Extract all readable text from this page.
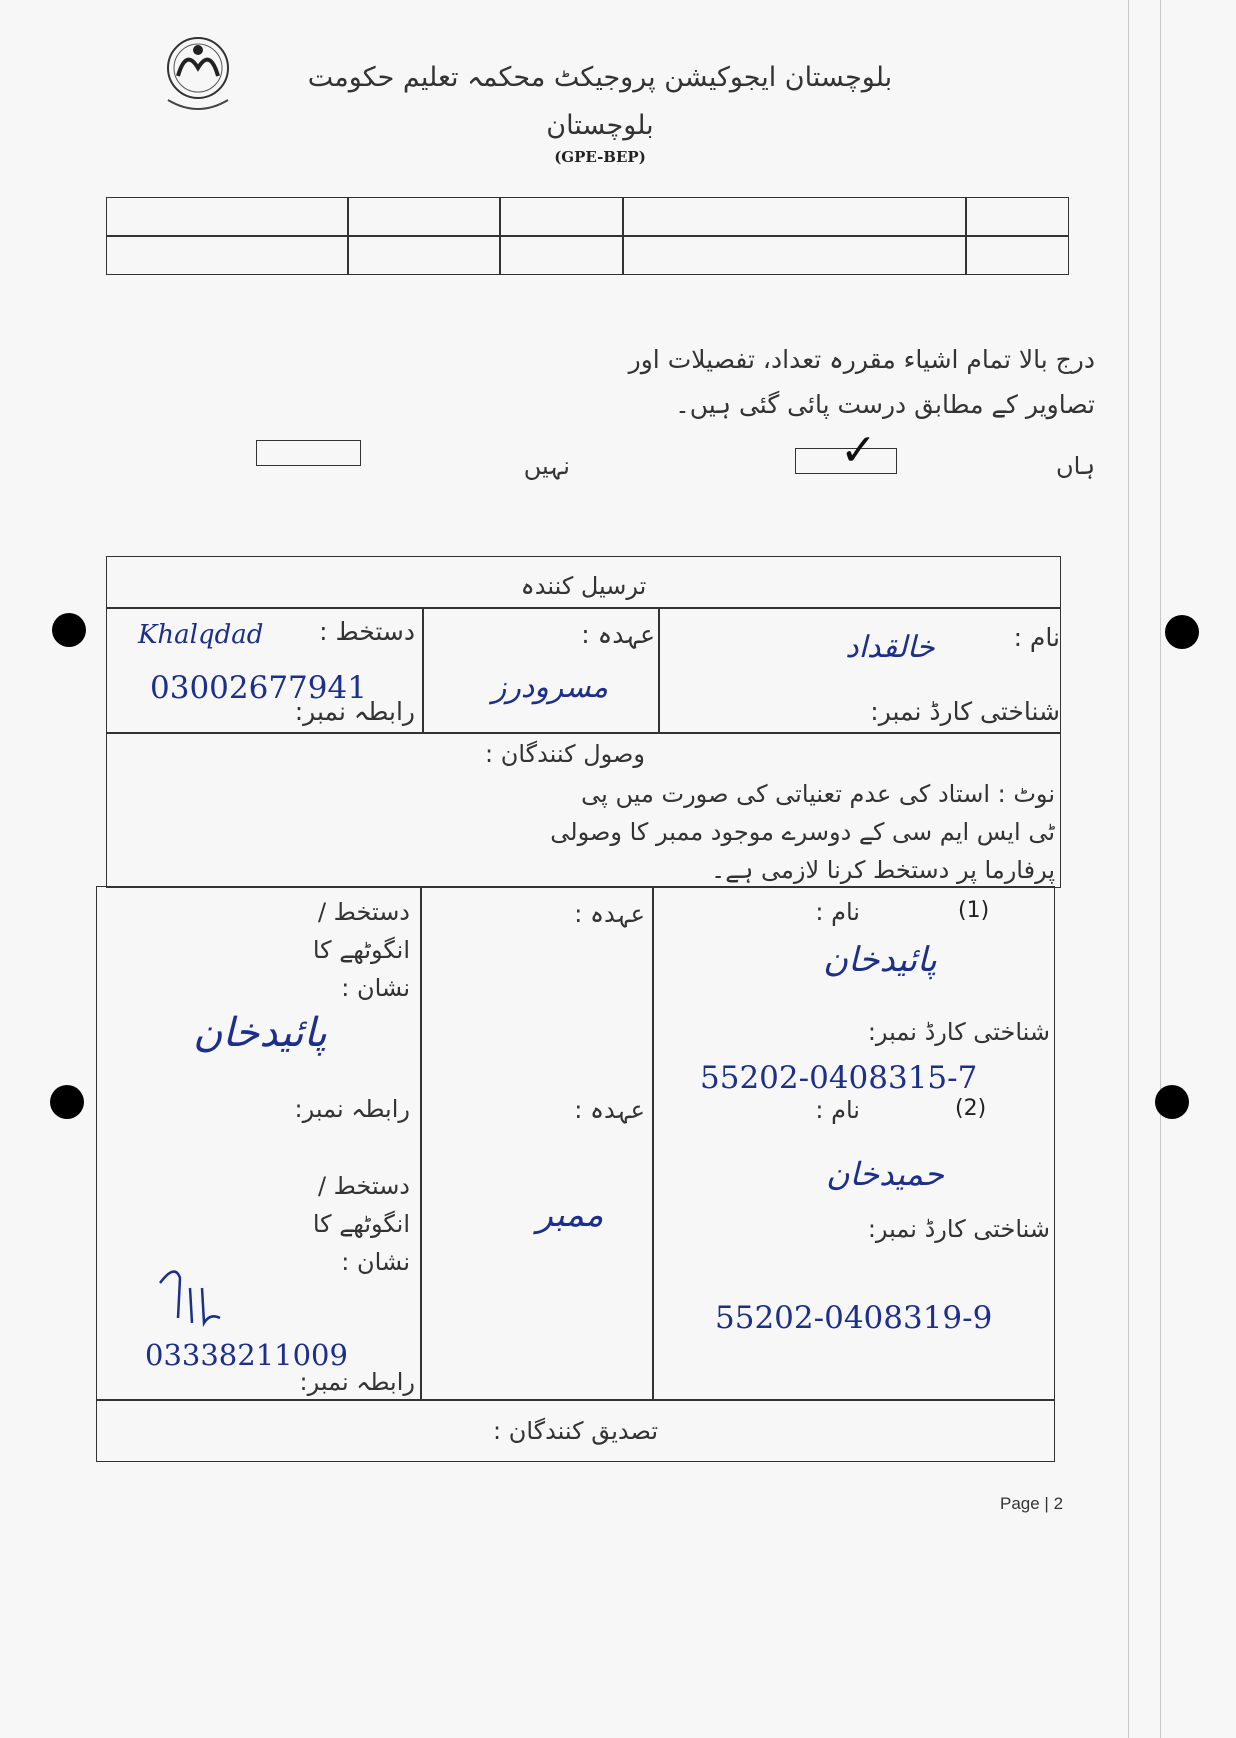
بلوچستان ایجوکیشن پروجیکٹ محکمہ تعلیم حکومت
بلوچستان
(GPE-BEP)
درج بالا تمام اشیاء مقررہ تعداد، تفصیلات اور
تصاویر کے مطابق درست پائی گئی ہیں۔
ہاں
✓
نہیں
ترسیل کنندہ
نام :
خالقداد
شناختی کارڈ نمبر:
عہدہ :
مسرودرز
دستخط :
Khalqdad
03002677941
رابطہ نمبر:
وصول کنندگان :
نوٹ : استاد کی عدم تعنیاتی کی صورت میں پی
ٹی ایس ایم سی کے دوسرے موجود ممبر کا وصولی
پرفارما پر دستخط کرنا لازمی ہے۔
(1)
نام :
پائیدخان
شناختی کارڈ نمبر:
55202-0408315-7
عہدہ :
دستخط /
انگوٹھے کا
نشان :
پائیدخان
رابطہ نمبر:	(2)
نام :
حمیدخان
شناختی کارڈ نمبر:
55202-0408319-9
عہدہ :
ممبر
دستخط /
انگوٹھے کا
نشان :
03338211009
رابطہ نمبر:
تصدیق کنندگان :
Page | 2
